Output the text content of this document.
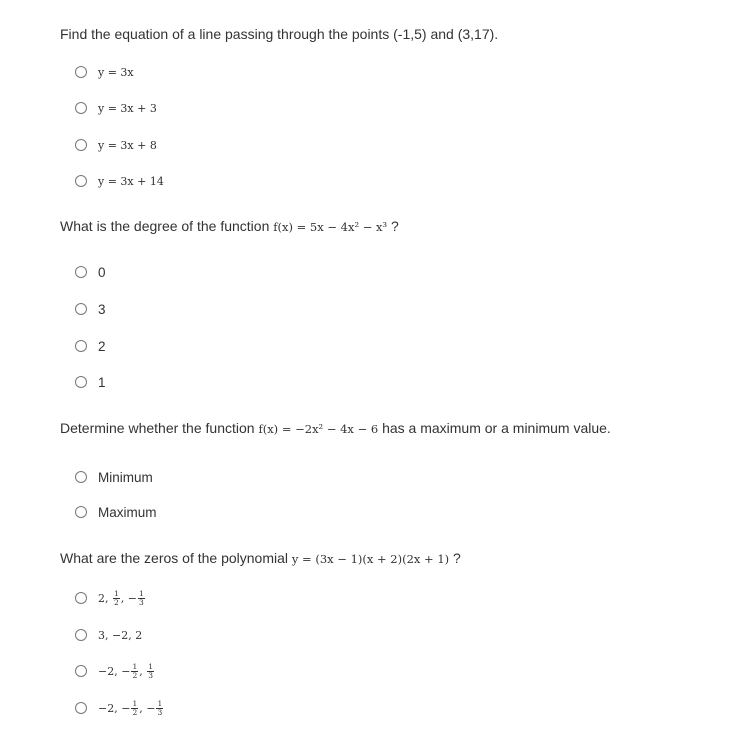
Find the equation of a line passing through the points (-1,5) and (3,17).
y = 3x
y = 3x + 3
y = 3x + 8
y = 3x + 14
What is the degree of the function f(x) = 5x − 4x² − x³ ?
0
3
2
1
Determine whether the function f(x) = −2x² − 4x − 6 has a maximum or a minimum value.
Minimum
Maximum
What are the zeros of the polynomial y = (3x − 1)(x + 2)(2x + 1) ?
2, $\frac{1}{2}$ , − $\frac{1}{3}$
3, −2, 2
−2, − $\frac{1}{2}$ , $\frac{1}{3}$
−2, − $\frac{1}{2}$ , − $\frac{1}{3}$
